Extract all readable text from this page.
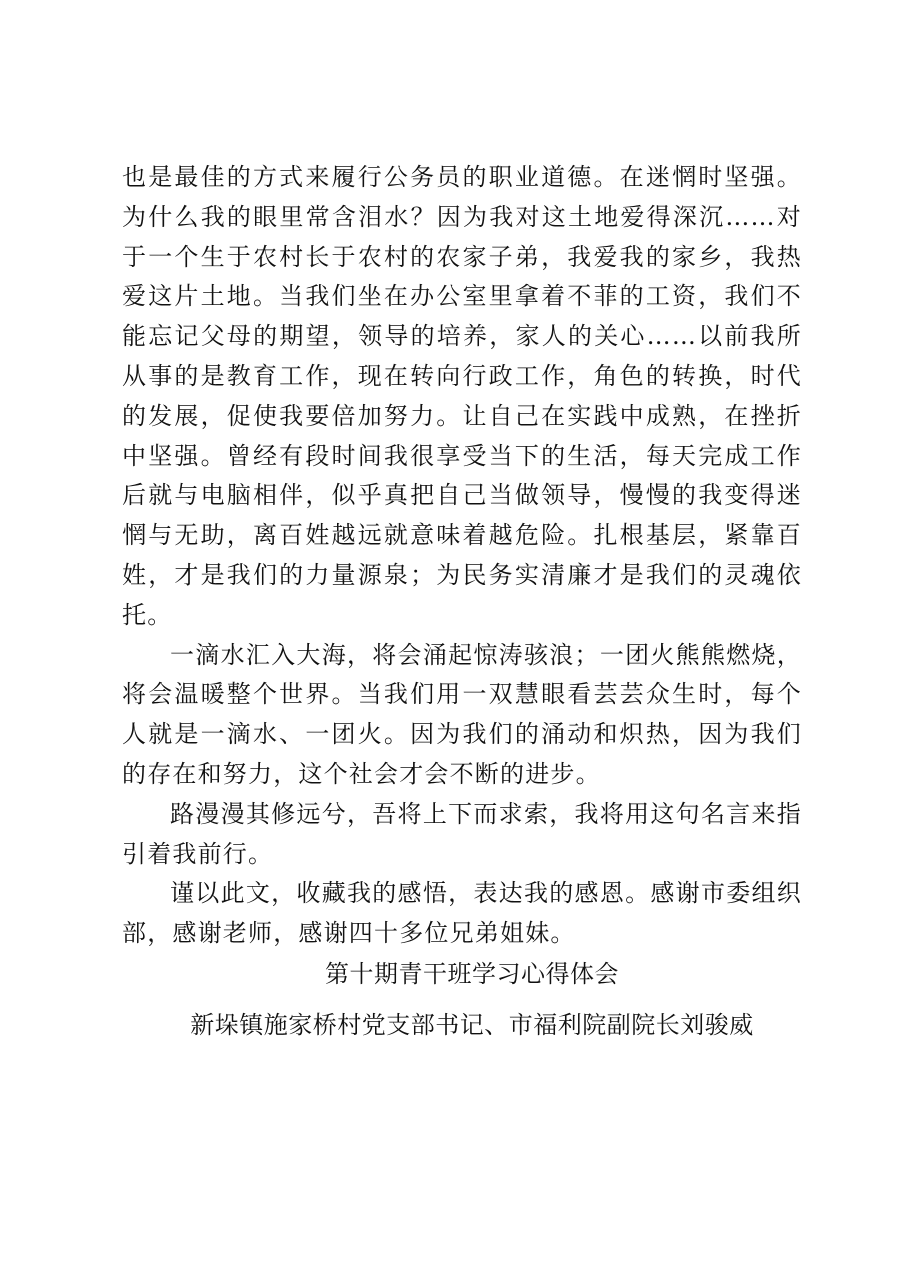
也是最佳的方式来履行公务员的职业道德。在迷惘时坚强。为什么我的眼里常含泪水？因为我对这土地爱得深沉……对于一个生于农村长于农村的农家子弟，我爱我的家乡，我热爱这片土地。当我们坐在办公室里拿着不菲的工资，我们不能忘记父母的期望，领导的培养，家人的关心……以前我所从事的是教育工作，现在转向行政工作，角色的转换，时代的发展，促使我要倍加努力。让自己在实践中成熟，在挫折中坚强。曾经有段时间我很享受当下的生活，每天完成工作后就与电脑相伴，似乎真把自己当做领导，慢慢的我变得迷惘与无助，离百姓越远就意味着越危险。扎根基层，紧靠百姓，才是我们的力量源泉；为民务实清廉才是我们的灵魂依托。

一滴水汇入大海，将会涌起惊涛骇浪；一团火熊熊燃烧，将会温暖整个世界。当我们用一双慧眼看芸芸众生时，每个人就是一滴水、一团火。因为我们的涌动和炽热，因为我们的存在和努力，这个社会才会不断的进步。

路漫漫其修远兮，吾将上下而求索，我将用这句名言来指引着我前行。

谨以此文，收藏我的感悟，表达我的感恩。感谢市委组织部，感谢老师，感谢四十多位兄弟姐妹。

第十期青干班学习心得体会

新垛镇施家桥村党支部书记、市福利院副院长刘骏威
